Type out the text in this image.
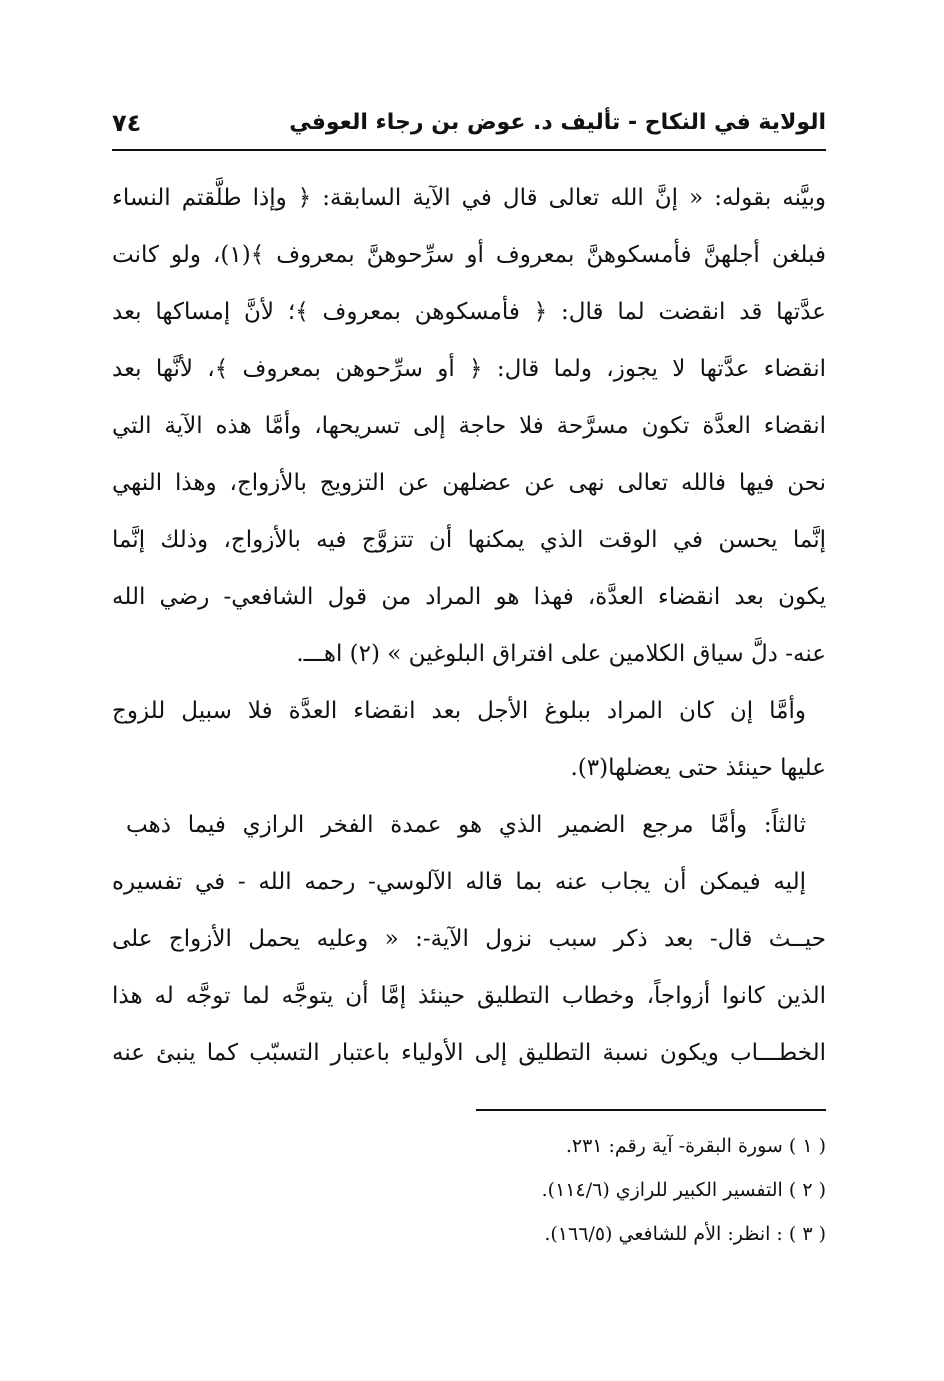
الولاية في النكاح - تأليف د. عوض بن رجاء العوفي
٧٤
وبيَّنه بقوله: « إنَّ الله تعالى قال في الآية السابقة: ﴿ وإذا طلَّقتم النساء
فبلغن أجلهنَّ فأمسكوهنَّ بمعروف أو سرِّحوهنَّ بمعروف ﴾(١)، ولو كانت
عدَّتها قد انقضت لما قال: ﴿ فأمسكوهن بمعروف ﴾؛ لأنَّ إمساكها بعد
انقضاء عدَّتها لا يجوز، ولما قال: ﴿ أو سرِّحوهن بمعروف ﴾، لأنَّها بعد
انقضاء العدَّة تكون مسرَّحة فلا حاجة إلى تسريحها، وأمَّا هذه الآية التي
نحن فيها فالله تعالى نهى عن عضلهن عن التزويج بالأزواج، وهذا النهي
إنَّما يحسن في الوقت الذي يمكنها أن تتزوَّج فيه بالأزواج، وذلك إنَّما
يكون بعد انقضاء العدَّة، فهذا هو المراد من قول الشافعي- رضي الله
عنه- دلَّ سياق الكلامين على افتراق البلوغين » (٢) اهـــ.
وأمَّا إن كان المراد ببلوغ الأجل بعد انقضاء العدَّة فلا سبيل للزوج
عليها حينئذ حتى يعضلها(٣).
ثالثاً: وأمَّا مرجع الضمير الذي هو عمدة الفخر الرازي فيما ذهب
إليه فيمكن أن يجاب عنه بما قاله الآلوسي- رحمه الله - في تفسيره
حيــث قال- بعد ذكر سبب نزول الآية-: « وعليه يحمل الأزواج على
الذين كانوا أزواجاً، وخطاب التطليق حينئذ إمَّا أن يتوجَّه لما توجَّه له هذا
الخطـــاب ويكون نسبة التطليق إلى الأولياء باعتبار التسبّب كما ينبئ عنه
( ١ ) سورة البقرة- آية رقم: ٢٣١.
( ٢ ) التفسير الكبير للرازي (١١٤/٦).
( ٣ ) : انظر: الأم للشافعي (١٦٦/٥).
